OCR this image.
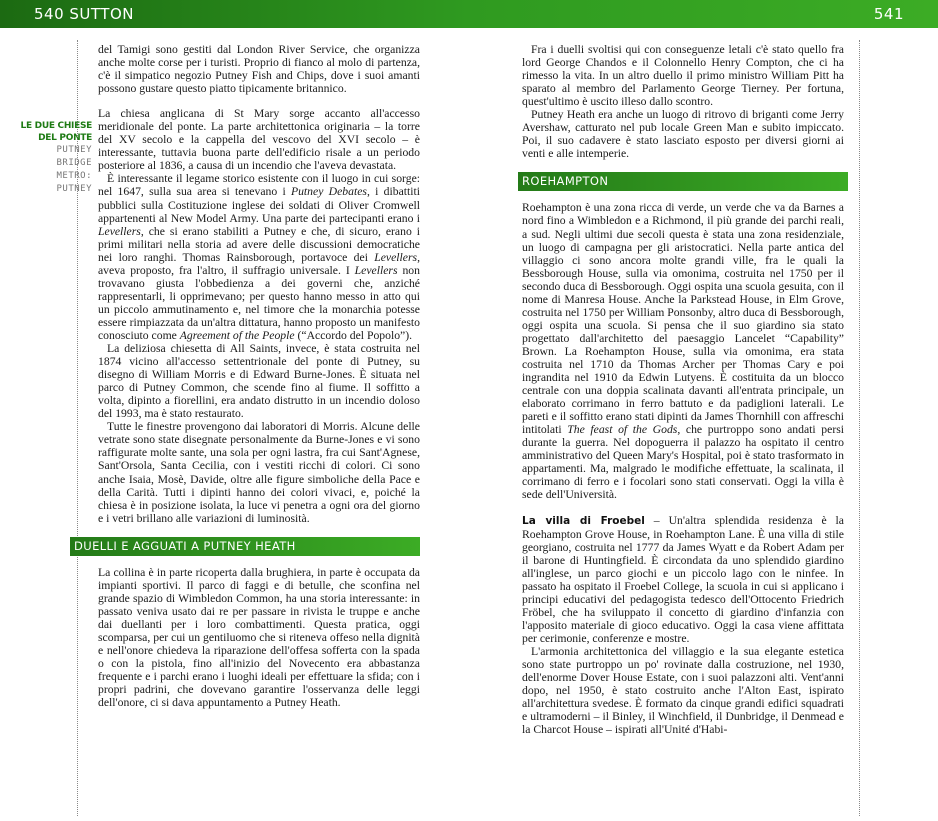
540 SUTTON	541
LE DUE CHIESE
DEL PONTE
PUTNEY
BRIDGE
METRO:
PUTNEY

del Tamigi sono gestiti dal London River Service, che organizza anche molte corse per i turisti. Proprio di fianco al molo di partenza, c'è il simpatico negozio Putney Fish and Chips, dove i suoi amanti possono gustare questo piatto tipicamente britannico.

La chiesa anglicana di St Mary sorge accanto all'accesso meridionale del ponte. La parte architettonica originaria – la torre del XV secolo e la cappella del vescovo del XVI secolo – è interessante, tuttavia buona parte dell'edificio risale a un periodo posteriore al 1836, a causa di un incendio che l'aveva devastata.

È interessante il legame storico esistente con il luogo in cui sorge: nel 1647, sulla sua area si tenevano i Putney Debates, i dibattiti pubblici sulla Costituzione inglese dei soldati di Oliver Cromwell appartenenti al New Model Army. Una parte dei partecipanti erano i Levellers, che si erano stabiliti a Putney e che, di sicuro, erano i primi militari nella storia ad avere delle discussioni democratiche nei loro ranghi. Thomas Rainsborough, portavoce dei Levellers, aveva proposto, fra l'altro, il suffragio universale. I Levellers non trovavano giusta l'obbedienza a dei governi che, anziché rappresentarli, li opprimevano; per questo hanno messo in atto qui un piccolo ammutinamento e, nel timore che la monarchia potesse essere rimpiazzata da un'altra dittatura, hanno proposto un manifesto conosciuto come Agreement of the People (“Accordo del Popolo”).

La deliziosa chiesetta di All Saints, invece, è stata costruita nel 1874 vicino all'accesso settentrionale del ponte di Putney, su disegno di William Morris e di Edward Burne-Jones. È situata nel parco di Putney Common, che scende fino al fiume. Il soffitto a volta, dipinto a fiorellini, era andato distrutto in un incendio doloso del 1993, ma è stato restaurato.

Tutte le finestre provengono dai laboratori di Morris. Alcune delle vetrate sono state disegnate personalmente da Burne-Jones e vi sono raffigurate molte sante, una sola per ogni lastra, fra cui Sant'Agnese, Sant'Orsola, Santa Cecilia, con i vestiti ricchi di colori. Ci sono anche Isaia, Mosè, Davide, oltre alle figure simboliche della Pace e della Carità. Tutti i dipinti hanno dei colori vivaci, e, poiché la chiesa è in posizione isolata, la luce vi penetra a ogni ora del giorno e i vetri brillano alle variazioni di luminosità.

DUELLI E AGGUATI A PUTNEY HEATH

La collina è in parte ricoperta dalla brughiera, in parte è occupata da impianti sportivi. Il parco di faggi e di betulle, che sconfina nel grande spazio di Wimbledon Common, ha una storia interessante: in passato veniva usato dai re per passare in rivista le truppe e anche dai duellanti per i loro combattimenti. Questa pratica, oggi scomparsa, per cui un gentiluomo che si riteneva offeso nella dignità e nell'onore chiedeva la riparazione dell'offesa sofferta con la spada o con la pistola, fino all'inizio del Novecento era abbastanza frequente e i parchi erano i luoghi ideali per effettuare la sfida; con i propri padrini, che dovevano garantire l'osservanza delle leggi dell'onore, ci si dava appuntamento a Putney Heath.

Fra i duelli svoltisi qui con conseguenze letali c'è stato quello fra lord George Chandos e il Colonnello Henry Compton, che ci ha rimesso la vita. In un altro duello il primo ministro William Pitt ha sparato al membro del Parlamento George Tierney. Per fortuna, quest'ultimo è uscito illeso dallo scontro.

Putney Heath era anche un luogo di ritrovo di briganti come Jerry Avershaw, catturato nel pub locale Green Man e subito impiccato. Poi, il suo cadavere è stato lasciato esposto per diversi giorni ai venti e alle intemperie.

ROEHAMPTON

Roehampton è una zona ricca di verde, un verde che va da Barnes a nord fino a Wimbledon e a Richmond, il più grande dei parchi reali, a sud. Negli ultimi due secoli questa è stata una zona residenziale, un luogo di campagna per gli aristocratici. Nella parte antica del villaggio ci sono ancora molte grandi ville, fra le quali la Bessborough House, sulla via omonima, costruita nel 1750 per il secondo duca di Bessborough. Oggi ospita una scuola gesuita, con il nome di Manresa House. Anche la Parkstead House, in Elm Grove, costruita nel 1750 per William Ponsonby, altro duca di Bessborough, oggi ospita una scuola. Si pensa che il suo giardino sia stato progettato dall'architetto del paesaggio Lancelet “Capability” Brown. La Roehampton House, sulla via omonima, era stata costruita nel 1710 da Thomas Archer per Thomas Cary e poi ingrandita nel 1910 da Edwin Lutyens. È costituita da un blocco centrale con una doppia scalinata davanti all'entrata principale, un elaborato corrimano in ferro battuto e da padiglioni laterali. Le pareti e il soffitto erano stati dipinti da James Thornhill con affreschi intitolati The feast of the Gods, che purtroppo sono andati persi durante la guerra. Nel dopoguerra il palazzo ha ospitato il centro amministrativo del Queen Mary's Hospital, poi è stato trasformato in appartamenti. Ma, malgrado le modifiche effettuate, la scalinata, il corrimano di ferro e i focolari sono stati conservati. Oggi la villa è sede dell'Università.

La villa di Froebel – Un'altra splendida residenza è la Roehampton Grove House, in Roehampton Lane. È una villa di stile georgiano, costruita nel 1777 da James Wyatt e da Robert Adam per il barone di Huntingfield. È circondata da uno splendido giardino all'inglese, un parco giochi e un piccolo lago con le ninfee. In passato ha ospitato il Froebel College, la scuola in cui si applicano i principi educativi del pedagogista tedesco dell'Ottocento Friedrich Fröbel, che ha sviluppato il concetto di giardino d'infanzia con l'apposito materiale di gioco educativo. Oggi la casa viene affittata per cerimonie, conferenze e mostre.

L'armonia architettonica del villaggio e la sua elegante estetica sono state purtroppo un po' rovinate dalla costruzione, nel 1930, dell'enorme Dover House Estate, con i suoi palazzoni alti. Vent'anni dopo, nel 1950, è stato costruito anche l'Alton East, ispirato all'architettura svedese. È formato da cinque grandi edifici squadrati e ultramoderni – il Binley, il Winchfield, il Dunbridge, il Denmead e la Charcot House – ispirati all'Unité d'Habi-
